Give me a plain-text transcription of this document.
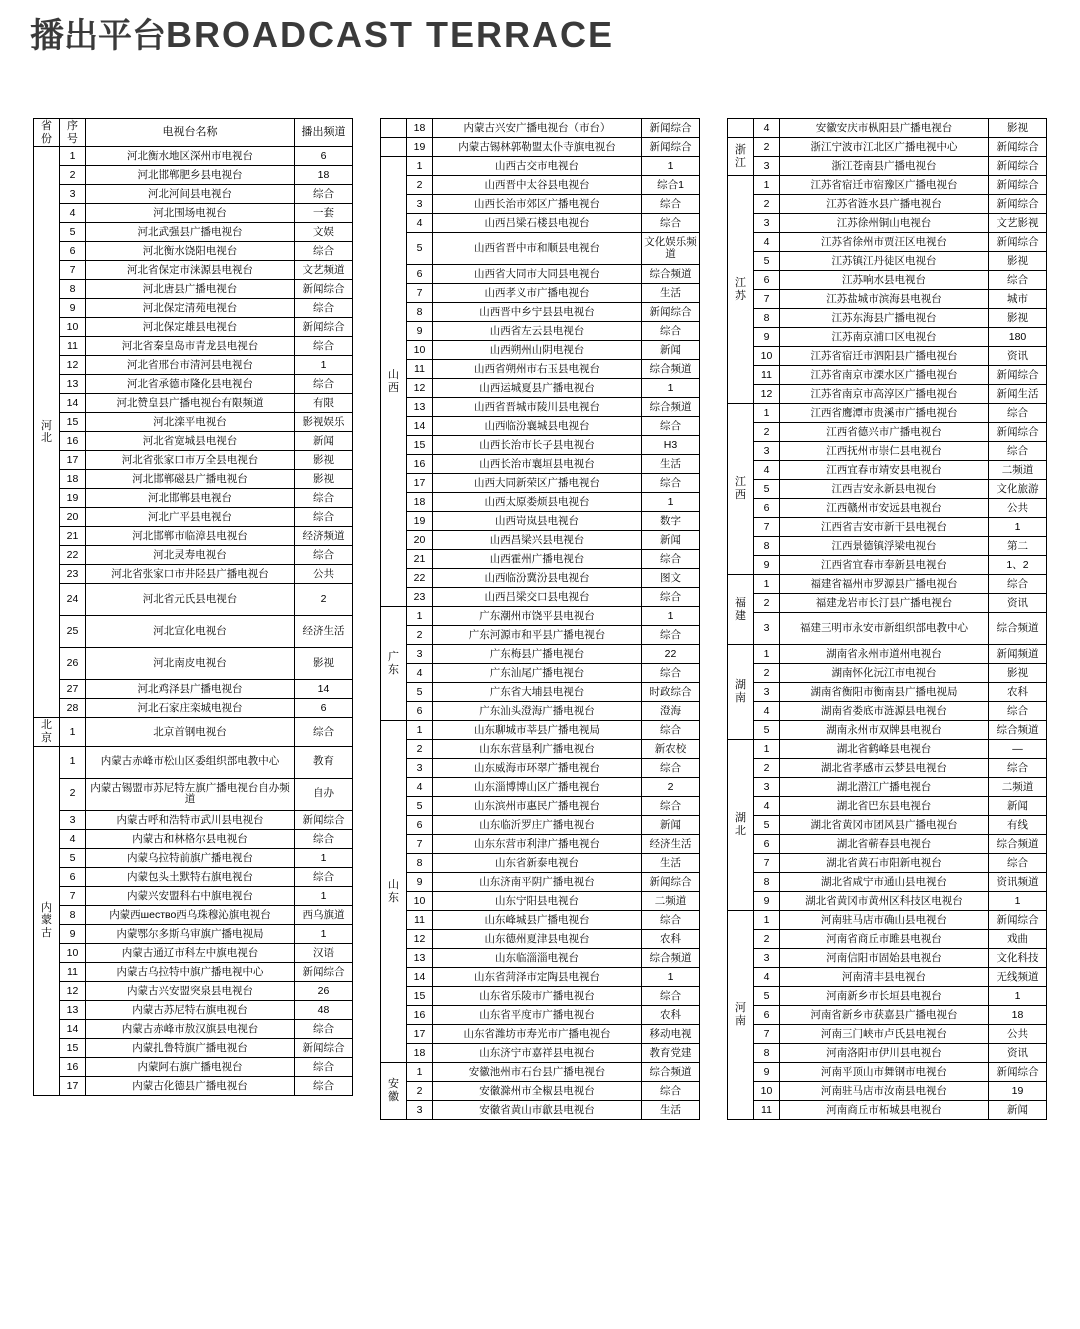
播出平台BROADCAST TERRACE
省份	序号	电视台名称	播出频道
河北	1	河北衡水地区深州市电视台	6
	2	河北邯郸肥乡县电视台	18
	3	河北河间县电视台	综合
	4	河北围场电视台	一套
	5	河北武强县广播电视台	文娱
	6	河北衡水饶阳电视台	综合
	7	河北省保定市涞源县电视台	文艺频道
	8	河北唐县广播电视台	新闻综合
	9	河北保定清苑电视台	综合
	10	河北保定雄县电视台	新闻综合
	11	河北省秦皇岛市青龙县电视台	综合
	12	河北省邢台市清河县电视台	1
	13	河北省承德市隆化县电视台	综合
	14	河北赞皇县广播电视台有限频道	有限
	15	河北滦平电视台	影视娱乐
	16	河北省宽城县电视台	新闻
	17	河北省张家口市万全县电视台	影视
	18	河北邯郸磁县广播电视台	影视
	19	河北邯郸县电视台	综合
	20	河北广平县电视台	综合
	21	河北邯郸市临漳县电视台	经济频道
	22	河北灵寿电视台	综合
	23	河北省张家口市井陉县广播电视台	公共
	24	河北省元氏县电视台	2
	25	河北宣化电视台	经济生活
	26	河北南皮电视台	影视
	27	河北鸡泽县广播电视台	14
	28	河北石家庄栾城电视台	6
北京	1	北京首钢电视台	综合
内蒙古	1	内蒙古赤峰市松山区委组织部电教中心	教育
	2	内蒙古锡盟市苏尼特左旗广播电视台自办频道	自办
	3	内蒙古呼和浩特市武川县电视台	新闻综合
	4	内蒙古和林格尔县电视台	综合
	5	内蒙乌拉特前旗广播电视台	1
	6	内蒙包头土默特右旗电视台	综合
	7	内蒙兴安盟科右中旗电视台	1
	8	内蒙西шество西乌珠穆沁旗电视台	西乌旗道
	9	内蒙鄂尔多斯乌审旗广播电视局	1
	10	内蒙古通辽市科左中旗电视台	汉语
	11	内蒙古乌拉特中旗广播电视中心	新闻综合
	12	内蒙古兴安盟突泉县电视台	26
	13	内蒙古苏尼特右旗电视台	48
	14	内蒙古赤峰市敖汉旗县电视台	综合
	15	内蒙扎鲁特旗广播电视台	新闻综合
	16	内蒙阿右旗广播电视台	综合
	17	内蒙古化德县广播电视台	综合
	18	内蒙古兴安广播电视台（市台）	新闻综合
	19	内蒙古锡林郭勒盟太仆寺旗电视台	新闻综合
山西	1	山西古交市电视台	1
	2	山西晋中太谷县电视台	综合1
	3	山西长治市郊区广播电视台	综合
	4	山西吕梁石楼县电视台	综合
	5	山西省晋中市和顺县电视台	文化娱乐频道
	6	山西省大同市大同县电视台	综合频道
	7	山西孝义市广播电视台	生活
	8	山西晋中乡宁县县电视台	新闻综合
	9	山西省左云县电视台	综合
	10	山西朔州山阴电视台	新闻
	11	山西省朔州市右玉县电视台	综合频道
	12	山西运城夏县广播电视台	1
	13	山西省晋城市陵川县电视台	综合频道
	14	山西临汾襄城县电视台	综合
	15	山西长治市长子县电视台	H3
	16	山西长治市襄垣县电视台	生活
	17	山西大同新荣区广播电视台	综合
	18	山西太原娄烦县电视台	1
	19	山西岢岚县电视台	数字
	20	山西昌梁兴县电视台	新闻
	21	山西霍州广播电视台	综合
	22	山西临汾冀汾县电视台	图文
	23	山西吕梁交口县电视台	综合
广东	1	广东潮州市饶平县电视台	1
	2	广东河源市和平县广播电视台	综合
	3	广东梅县广播电视台	22
	4	广东汕尾广播电视台	综合
	5	广东省大埔县电视台	时政综合
	6	广东汕头澄海广播电视台	澄海
山东	1	山东聊城市莘县广播电视局	综合
	2	山东东营垦利广播电视台	新农校
	3	山东威海市环翠广播电视台	综合
	4	山东淄博博山区广播电视台	2
	5	山东滨州市惠民广播电视台	综合
	6	山东临沂罗庄广播电视台	新闻
	7	山东东营市利津广播电视台	经济生活
	8	山东省新泰电视台	生活
	9	山东济南平阴广播电视台	新闻综合
	10	山东宁阳县电视台	二频道
	11	山东峰城县广播电视台	综合
	12	山东德州夏津县电视台	农科
	13	山东临淄淄电视台	综合频道
	14	山东省菏泽市定陶县电视台	1
	15	山东省乐陵市广播电视台	综合
	16	山东省平度市广播电视台	农科
	17	山东省潍坊市寿光市广播电视台	移动电视
	18	山东济宁市嘉祥县电视台	教育党建
安徽	1	安徽池州市石台县广播电视台	综合频道
	2	安徽滁州市全椒县电视台	综合
	3	安徽省黄山市歙县电视台	生活
	4	安徽安庆市枞阳县广播电视台	影视
浙江	2	浙江宁波市江北区广播电视中心	新闻综合
	3	浙江苍南县广播电视台	新闻综合
江苏	1	江苏省宿迁市宿豫区广播电视台	新闻综合
	2	江苏省涟水县广播电视台	新闻综合
	3	江苏徐州铜山电视台	文艺影视
	4	江苏省徐州市贾汪区电视台	新闻综合
	5	江苏镇江丹徒区电视台	影视
	6	江苏响水县电视台	综合
	7	江苏盐城市滨海县电视台	城市
	8	江苏东海县广播电视台	影视
	9	江苏南京浦口区电视台	180
	10	江苏省宿迁市泗阳县广播电视台	资讯
	11	江苏省南京市溧水区广播电视台	新闻综合
	12	江苏省南京市高淳区广播电视台	新闻生活
江西	1	江西省鹰潭市贵溪市广播电视台	综合
	2	江西省德兴市广播电视台	新闻综合
	3	江西抚州市崇仁县电视台	综合
	4	江西宜春市靖安县电视台	二频道
	5	江西吉安永新县电视台	文化旅游
	6	江西赣州市安远县电视台	公共
	7	江西省吉安市新干县电视台	1
	8	江西景德镇浮梁电视台	第二
	9	江西省宜春市奉新县电视台	1、2
福建	1	福建省福州市罗源县广播电视台	综合
	2	福建龙岩市长汀县广播电视台	资讯
	3	福建三明市永安市新组织部电教中心	综合频道
湖南	1	湖南省永州市道州电视台	新闻频道
	2	湖南怀化沅江市电视台	影视
	3	湖南省衡阳市衡南县广播电视局	农科
	4	湖南省娄底市涟源县电视台	综合
	5	湖南永州市双牌县电视台	综合频道
湖北	1	湖北省鹤峰县电视台	—
	2	湖北省孝感市云梦县电视台	综合
	3	湖北潜江广播电视台	二频道
	4	湖北省巴东县电视台	新闻
	5	湖北省黄冈市团风县广播电视台	有线
	6	湖北省蕲春县电视台	综合频道
	7	湖北省黄石市阳新电视台	综合
	8	湖北省咸宁市通山县电视台	资讯频道
	9	湖北省黄冈市黄州区科技区电视台	1
河南	1	河南驻马店市确山县电视台	新闻综合
	2	河南省商丘市雎县电视台	戏曲
	3	河南信阳市固始县电视台	文化科技
	4	河南清丰县电视台	无线频道
	5	河南新乡市长垣县电视台	1
	6	河南省新乡市获嘉县广播电视台	18
	7	河南三门峡市卢氏县电视台	公共
	8	河南洛阳市伊川县电视台	资讯
	9	河南平顶山市舞钢市电视台	新闻综合
	10	河南驻马店市汝南县电视台	19
	11	河南商丘市柘城县电视台	新闻
